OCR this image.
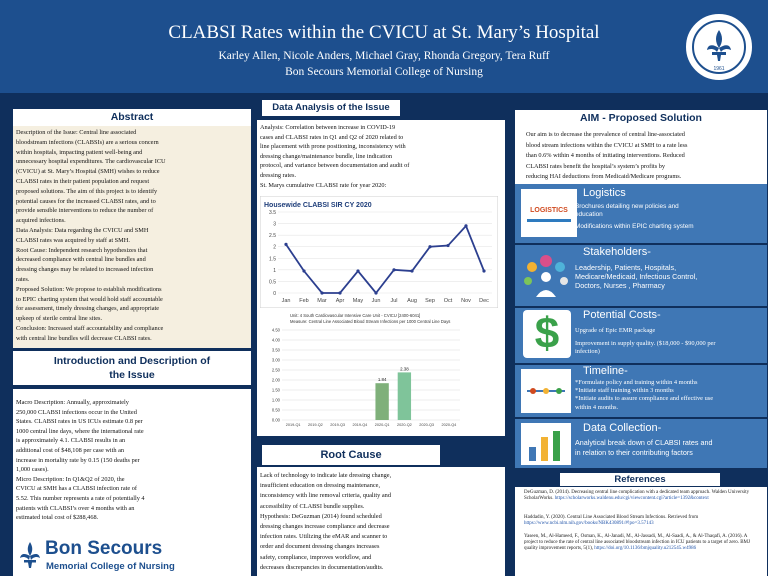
CLABSI Rates within the CVICU at St. Mary’s Hospital
Karley Allen, Nicole Anders, Michael Gray, Rhonda Gregory, Tera Ruff
Bon Secours Memorial College of Nursing	1961
Abstract
Description of the Issue: Central line associated
bloodstream infections (CLABSIs) are a serious concern
within hospitals, impacting patient well-being and
unnecessary hospital expenditures. The cardiovascular ICU
(CVICU) at St. Mary’s Hospital (SMH) wishes to reduce
CLABSI rates in their patient population and request
proposed solutions. The aim of this project is to identify
potential causes for the increased CLABSI rates, and to
provide sensible interventions to reduce the number of
acquired infections.
Data Analysis: Data regarding the CVICU and SMH
CLABSI rates was acquired by staff at SMH.
Root Cause: Independent research hypothesizes that
decreased compliance with central line bundles and
dressing changes may be related to increased infection
rates.
Proposed Solution: We propose to establish modifications
to EPIC charting system that would hold staff accountable
for assessment, timely dressing changes, and appropriate
upkeep of sterile central line sites.
Conclusion: Increased staff accountability and compliance
with central line bundles will decrease CLABSI rates.
Introduction and Description of
the Issue
Macro Description: Annually, approximately
250,000 CLABSI infections occur in the United
States. CLABSI rates in US ICUs estimate 0.8 per
1000 central line days, where the international rate
is approximately 4.1. CLABSI results in an
additional cost of $48,108 per case with an
increase in mortality rate by 0.15 (150 deaths per
1,000 cases).
Micro Description: In Q1&Q2 of 2020, the
CVICU at SMH has a CLABSI infection rate of
5.52. This number represents a rate of potentially 4
patients with CLABSI’s over 4 months with an
estimated total cost of $288,468.
Bon Secours
Memorial College of Nursing
Data Analysis of the Issue
Analysis: Correlation between increase in COVID-19
cases and CLABSI rates in Q1 and Q2 of 2020 related to
line placement with prone positioning, inconsistency with
dressing change/maintenance bundle, line indication
protocol, and variance between documentation and audit of
dressing rates.
St. Marys cumulative CLABSI rate for year 2020:
Housewide CLABSI SIR CY 2020
0
0.5
1
1.5
2
2.5
3
3.5
Jan Feb Mar Apr May Jun Jul Aug Sep Oct Nov Dec
Unit: 4 South Cardiovascular Intensive Care Unit - CVICU [2400-6041]
Measure: Central Line Associated Blood Stream Infections per 1000 Central Line Days
0.00
0.50
1.00
1.50
2.00
2.50
3.00
3.50
4.00
4.50
2019-Q1 2019-Q2 2019-Q3 2019-Q4 2020-Q1 2020-Q2 2020-Q3 2020-Q4
1.84
2.38
Root Cause
Lack of technology to indicate late dressing change,
insufficient education on dressing maintenance,
inconsistency with line removal criteria, quality and
accessibility of CLABSI bundle supplies.
Hypothesis: DeGuzman (2014) found scheduled
dressing changes increase compliance and decrease
infection rates. Utilizing the eMAR and scanner to
order and document dressing changes increases
safety, compliance, improves workflow, and
decreases discrepancies in documentation/audits.
AIM - Proposed Solution
Our aim is to decrease the prevalence of central line-associated
blood stream infections within the CVICU at SMH to a rate less
than 0.6% within 4 months of initiating interventions. Reduced
CLABSI rates benefit the hospital’s system’s profits by
reducing HAI deductions from Medicaid/Medicare programs.
LOGISTICS
Logistics
Brochures detailing new policies and
education
Modifications within EPIC charting system
Stakeholders-
Leadership, Patients, Hospitals,
Medicare/Medicaid, Infectious Control,
Doctors, Nurses , Pharmacy
$	Potential Costs-
Upgrade of Epic EMR package
Improvement in supply quality. ($18,000 - $90,000 per
infection)
Timeline-
*Formulate policy and training within 4 months
*Initiate staff training within 3 months
*Initiate audits to assure compliance and effective use
within 4 months.
Data Collection-
Analytical break down of CLABSI rates and
in relation to their contributing factors
References
DeGuzman, D. (2014). Decreasing central line complication with a dedicated team approach. Walden University ScholarWorks. https://scholarworks.waldenu.edu/cgi/viewcontent.cgi?article=1392&context
Haddadin, Y. (2020). Central Line Associated Blood Stream Infections. Retrieved from https://www.ncbi.nlm.nih.gov/books/NBK430891/#!po=3.57143
Yaseen, M., Al-Hameed, F., Osman, K., Al-Janadi, M., Al-Jassadi, M., Al-Saadi, A., & Al-Thaqafi, A. (2016). A project to reduce the rate of central line associated bloodstream infection in ICU patients to a target of zero. BMJ quality improvement reports, 5(1), https://doi.org/10.1136/bmjquality.u212545.w4986
